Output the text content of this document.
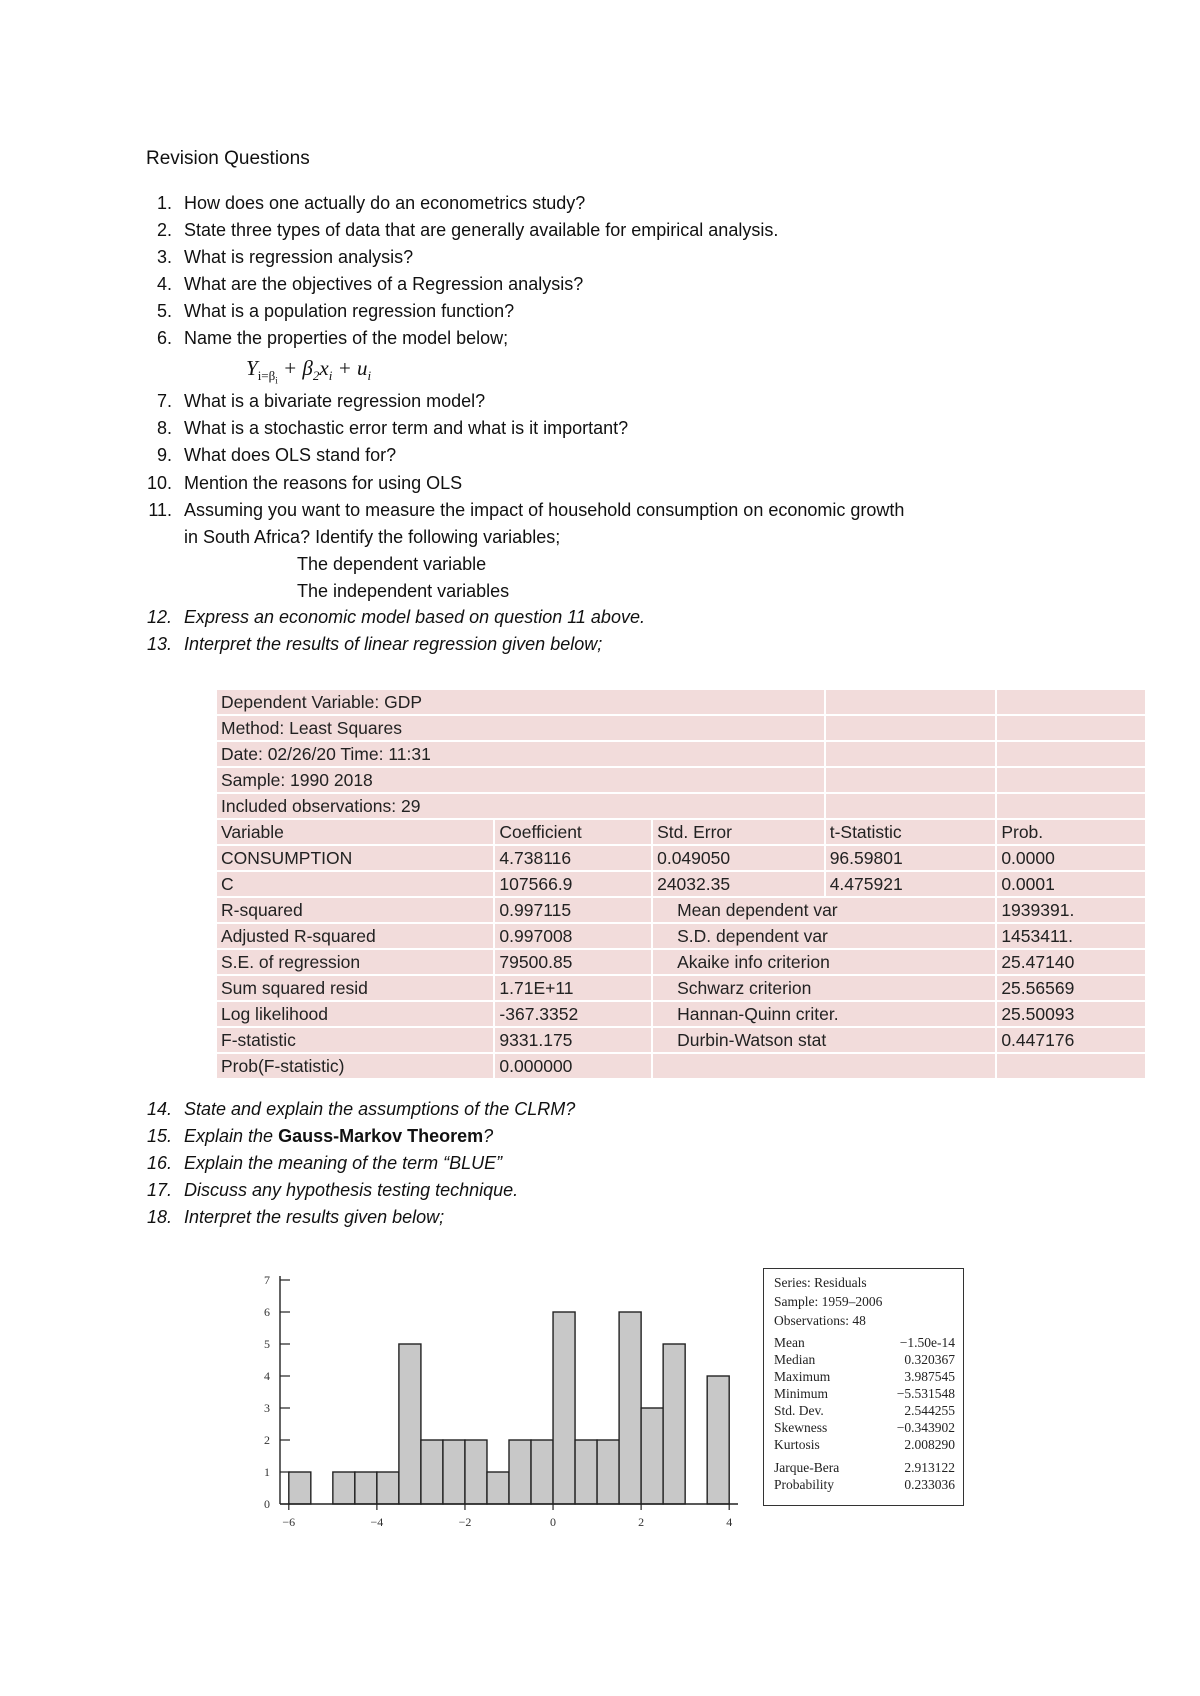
Revision Questions
1. How does one actually do an econometrics study?
2. State three types of data that are generally available for empirical analysis.
3. What is regression analysis?
4. What are the objectives of a Regression analysis?
5. What is a population regression function?
6. Name the properties of the model below;
7. What is a bivariate regression model?
8. What is a stochastic error term and what is it important?
9. What does OLS stand for?
10. Mention the reasons for using OLS
11. Assuming you want to measure the impact of household consumption on economic growth
in South Africa? Identify the following variables;
12. Express an economic model based on question 11 above.
13. Interpret the results of linear regression given below;
14. State and explain the assumptions of the CLRM?
15. Explain the Gauss-Markov Theorem?
16. Explain the meaning of the term “BLUE”
17. Discuss any hypothesis testing technique.
18. Interpret the results given below;
$Y_{i=\beta_i} + \beta_2x_i + u_i$
The dependent variable
The independent variables
Dependent Variable: GDP				
Method: Least Squares				
Date: 02/26/20 Time: 11:31				
Sample: 1990 2018				
Included observations: 29				
Variable	Coefficient	Std. Error	t-Statistic	Prob.
CONSUMPTION	4.738116	0.049050	96.59801	0.0000
C	107566.9	24032.35	4.475921	0.0001
R-squared	0.997115	Mean dependent var		1939391.
Adjusted R-squared	0.997008	S.D. dependent var		1453411.
S.E. of regression	79500.85	Akaike info criterion		25.47140
Sum squared resid	1.71E+11	Schwarz criterion		25.56569
Log likelihood	-367.3352	Hannan-Quinn criter.		25.50093
F-statistic	9331.175	Durbin-Watson stat		0.447176
Prob(F-statistic)	0.000000			
0
1
2
3
4
5
6
7
−6	−4	−2	0	2	4
Series: Residuals
Sample: 1959–2006
Observations: 48
Mean	−1.50e-14
Median	0.320367
Maximum	3.987545
Minimum	−5.531548
Std. Dev.	2.544255
Skewness	−0.343902
Kurtosis	2.008290
Jarque-Bera	2.913122
Probability	0.233036
